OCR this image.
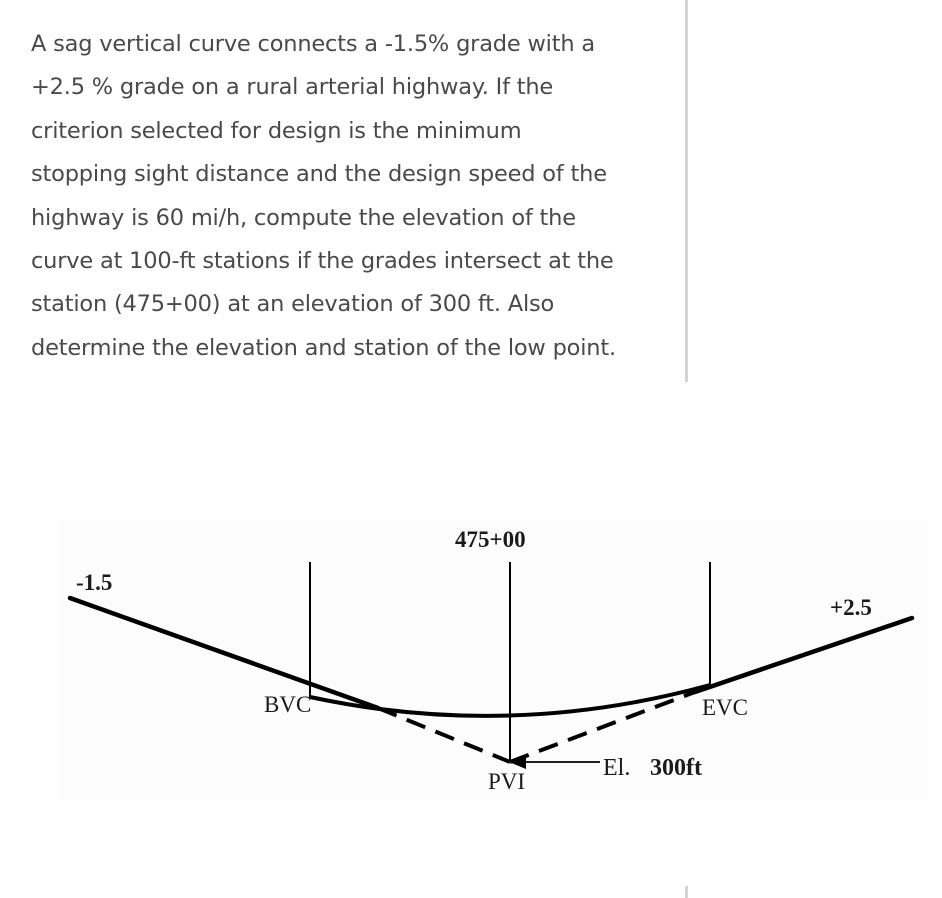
A sag vertical curve connects a -1.5% grade with a
+2.5 % grade on a rural arterial highway. If the
criterion selected for design is the minimum
stopping sight distance and the design speed of the
highway is 60 mi/h, compute the elevation of the
curve at 100-ft stations if the grades intersect at the
station (475+00) at an elevation of 300 ft. Also
determine the elevation and station of the low point.
475+00
-1.5
+2.5
BVC	EVC
PVI
El. 300ft
